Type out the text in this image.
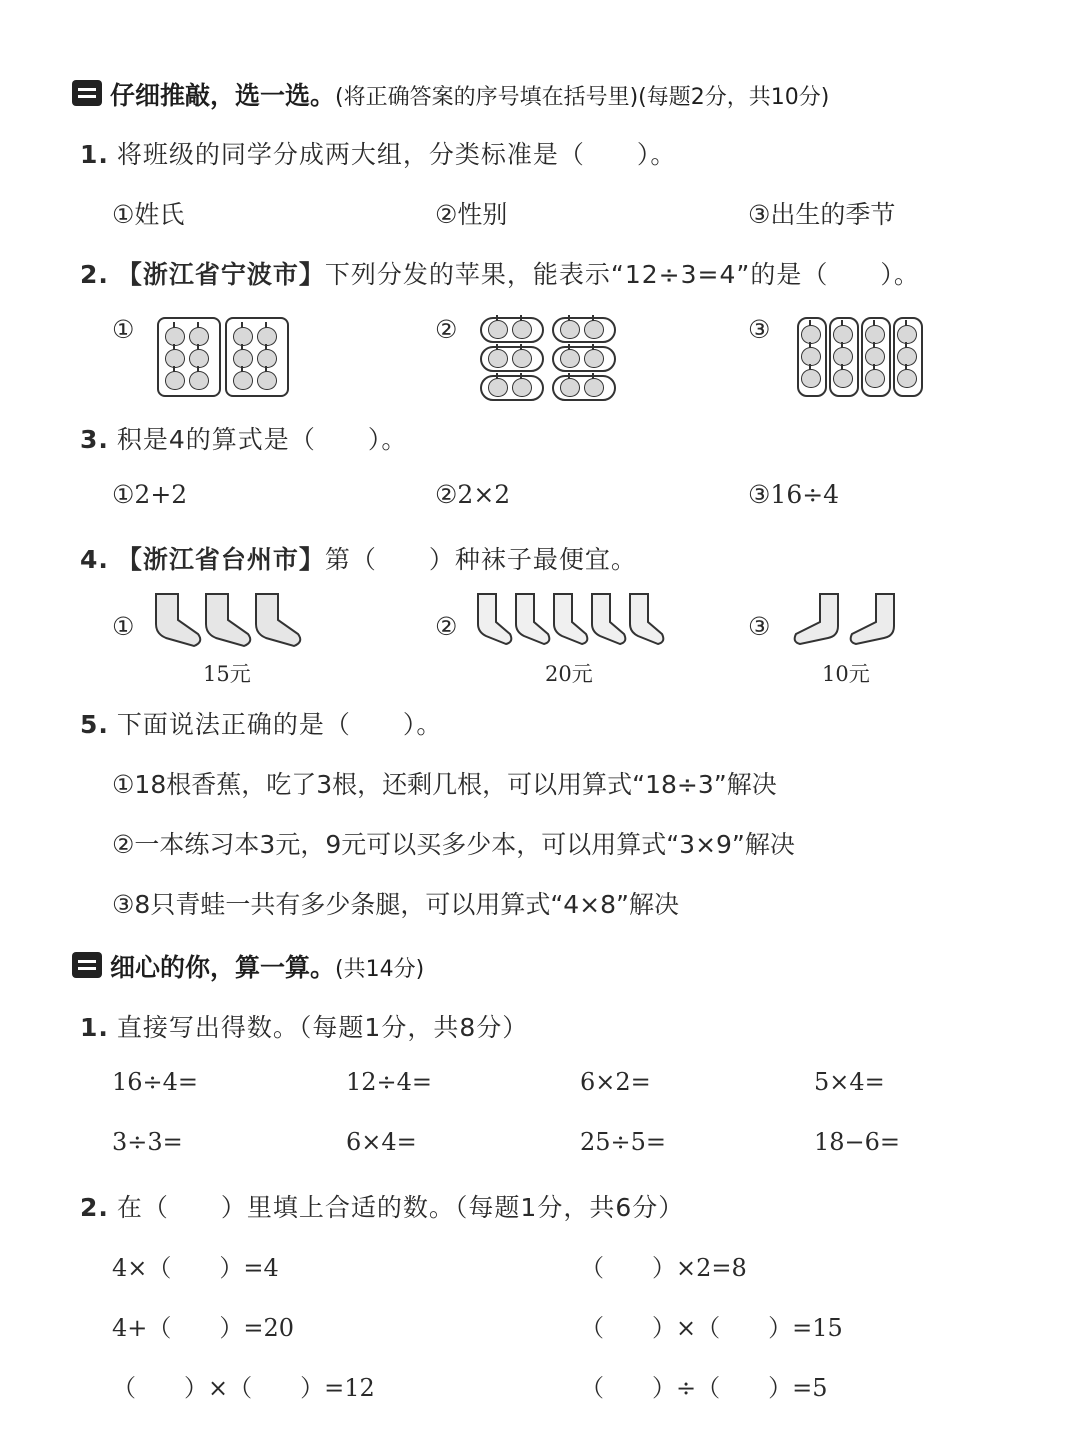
仔细推敲，选一选。(将正确答案的序号填在括号里)(每题2分，共10分)
1. 将班级的同学分成两大组，分类标准是（　　）。
①姓氏	②性别	③出生的季节
2. 【浙江省宁波市】下列分发的苹果，能表示“12÷3=4”的是（　　）。
①	②	③
3. 积是4的算式是（　　）。
①2+2	②2×2	③16÷4
4. 【浙江省台州市】第（　　）种袜子最便宜。
①	②	③
15元	20元	10元
5. 下面说法正确的是（　　）。
①18根香蕉，吃了3根，还剩几根，可以用算式“18÷3”解决
②一本练习本3元，9元可以买多少本，可以用算式“3×9”解决
③8只青蛙一共有多少条腿，可以用算式“4×8”解决
细心的你，算一算。(共14分)
1. 直接写出得数。（每题1分，共8分）
16÷4=	12÷4=	6×2=	5×4=
3÷3=	6×4=	25÷5=	18−6=
2. 在（　　）里填上合适的数。（每题1分，共6分）
4×（　　）=4	（　　）×2=8
4+（　　）=20	（　　）×（　　）=15
（　　）×（　　）=12	（　　）÷（　　）=5
